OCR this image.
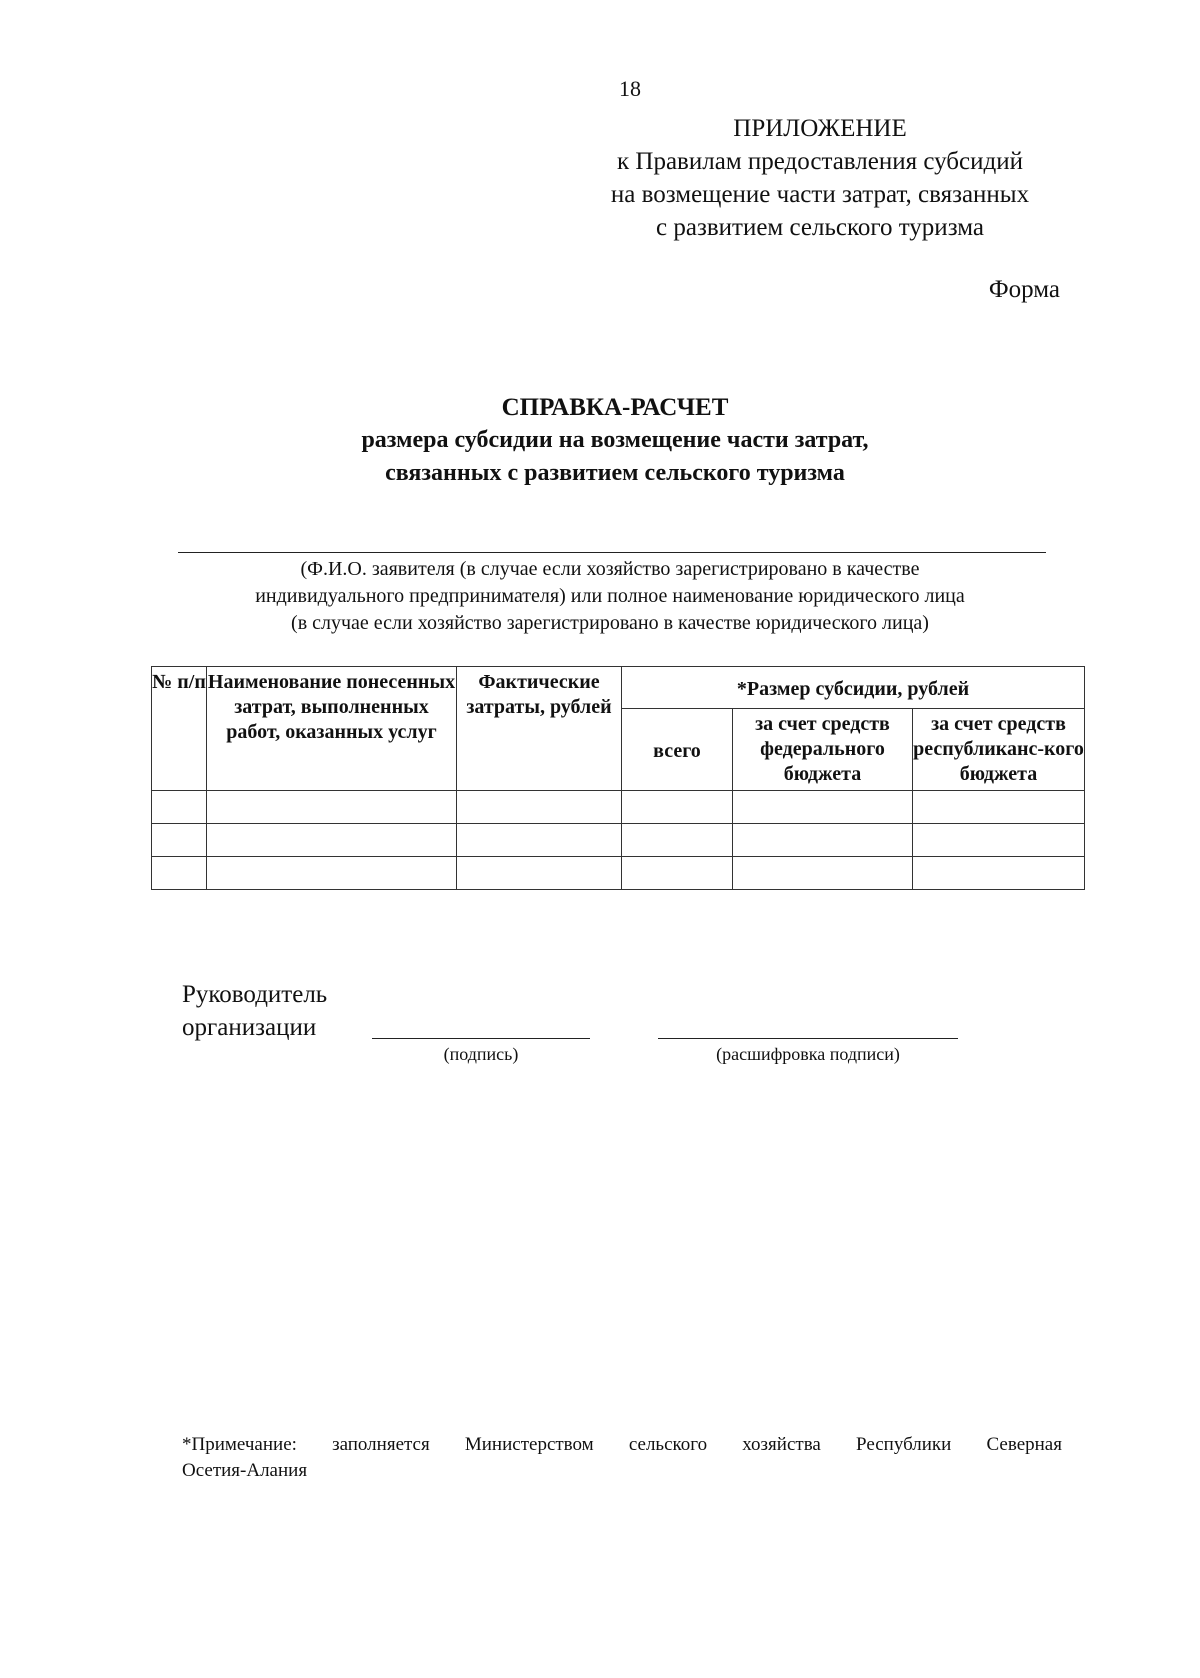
18
ПРИЛОЖЕНИЕ
к Правилам предоставления субсидий
на возмещение части затрат, связанных
с развитием сельского туризма
Форма
СПРАВКА-РАСЧЕТ
размера субсидии на возмещение части затрат,
связанных с развитием сельского туризма
(Ф.И.О. заявителя (в случае если хозяйство зарегистрировано в качестве
индивидуального предпринимателя) или полное наименование юридического лица
(в случае если хозяйство зарегистрировано в качестве юридического лица)
№ п/п	Наименование понесенных затрат, выполненных работ, оказанных услуг	Фактические затраты, рублей	*Размер субсидии, рублей		
			всего	за счет средств федерального бюджета	за счет средств республиканс-кого бюджета

Руководитель
организации
(подпись)	(расшифровка подписи)
*Примечание: заполняется Министерством сельского хозяйства Республики Северная
Осетия-Алания
